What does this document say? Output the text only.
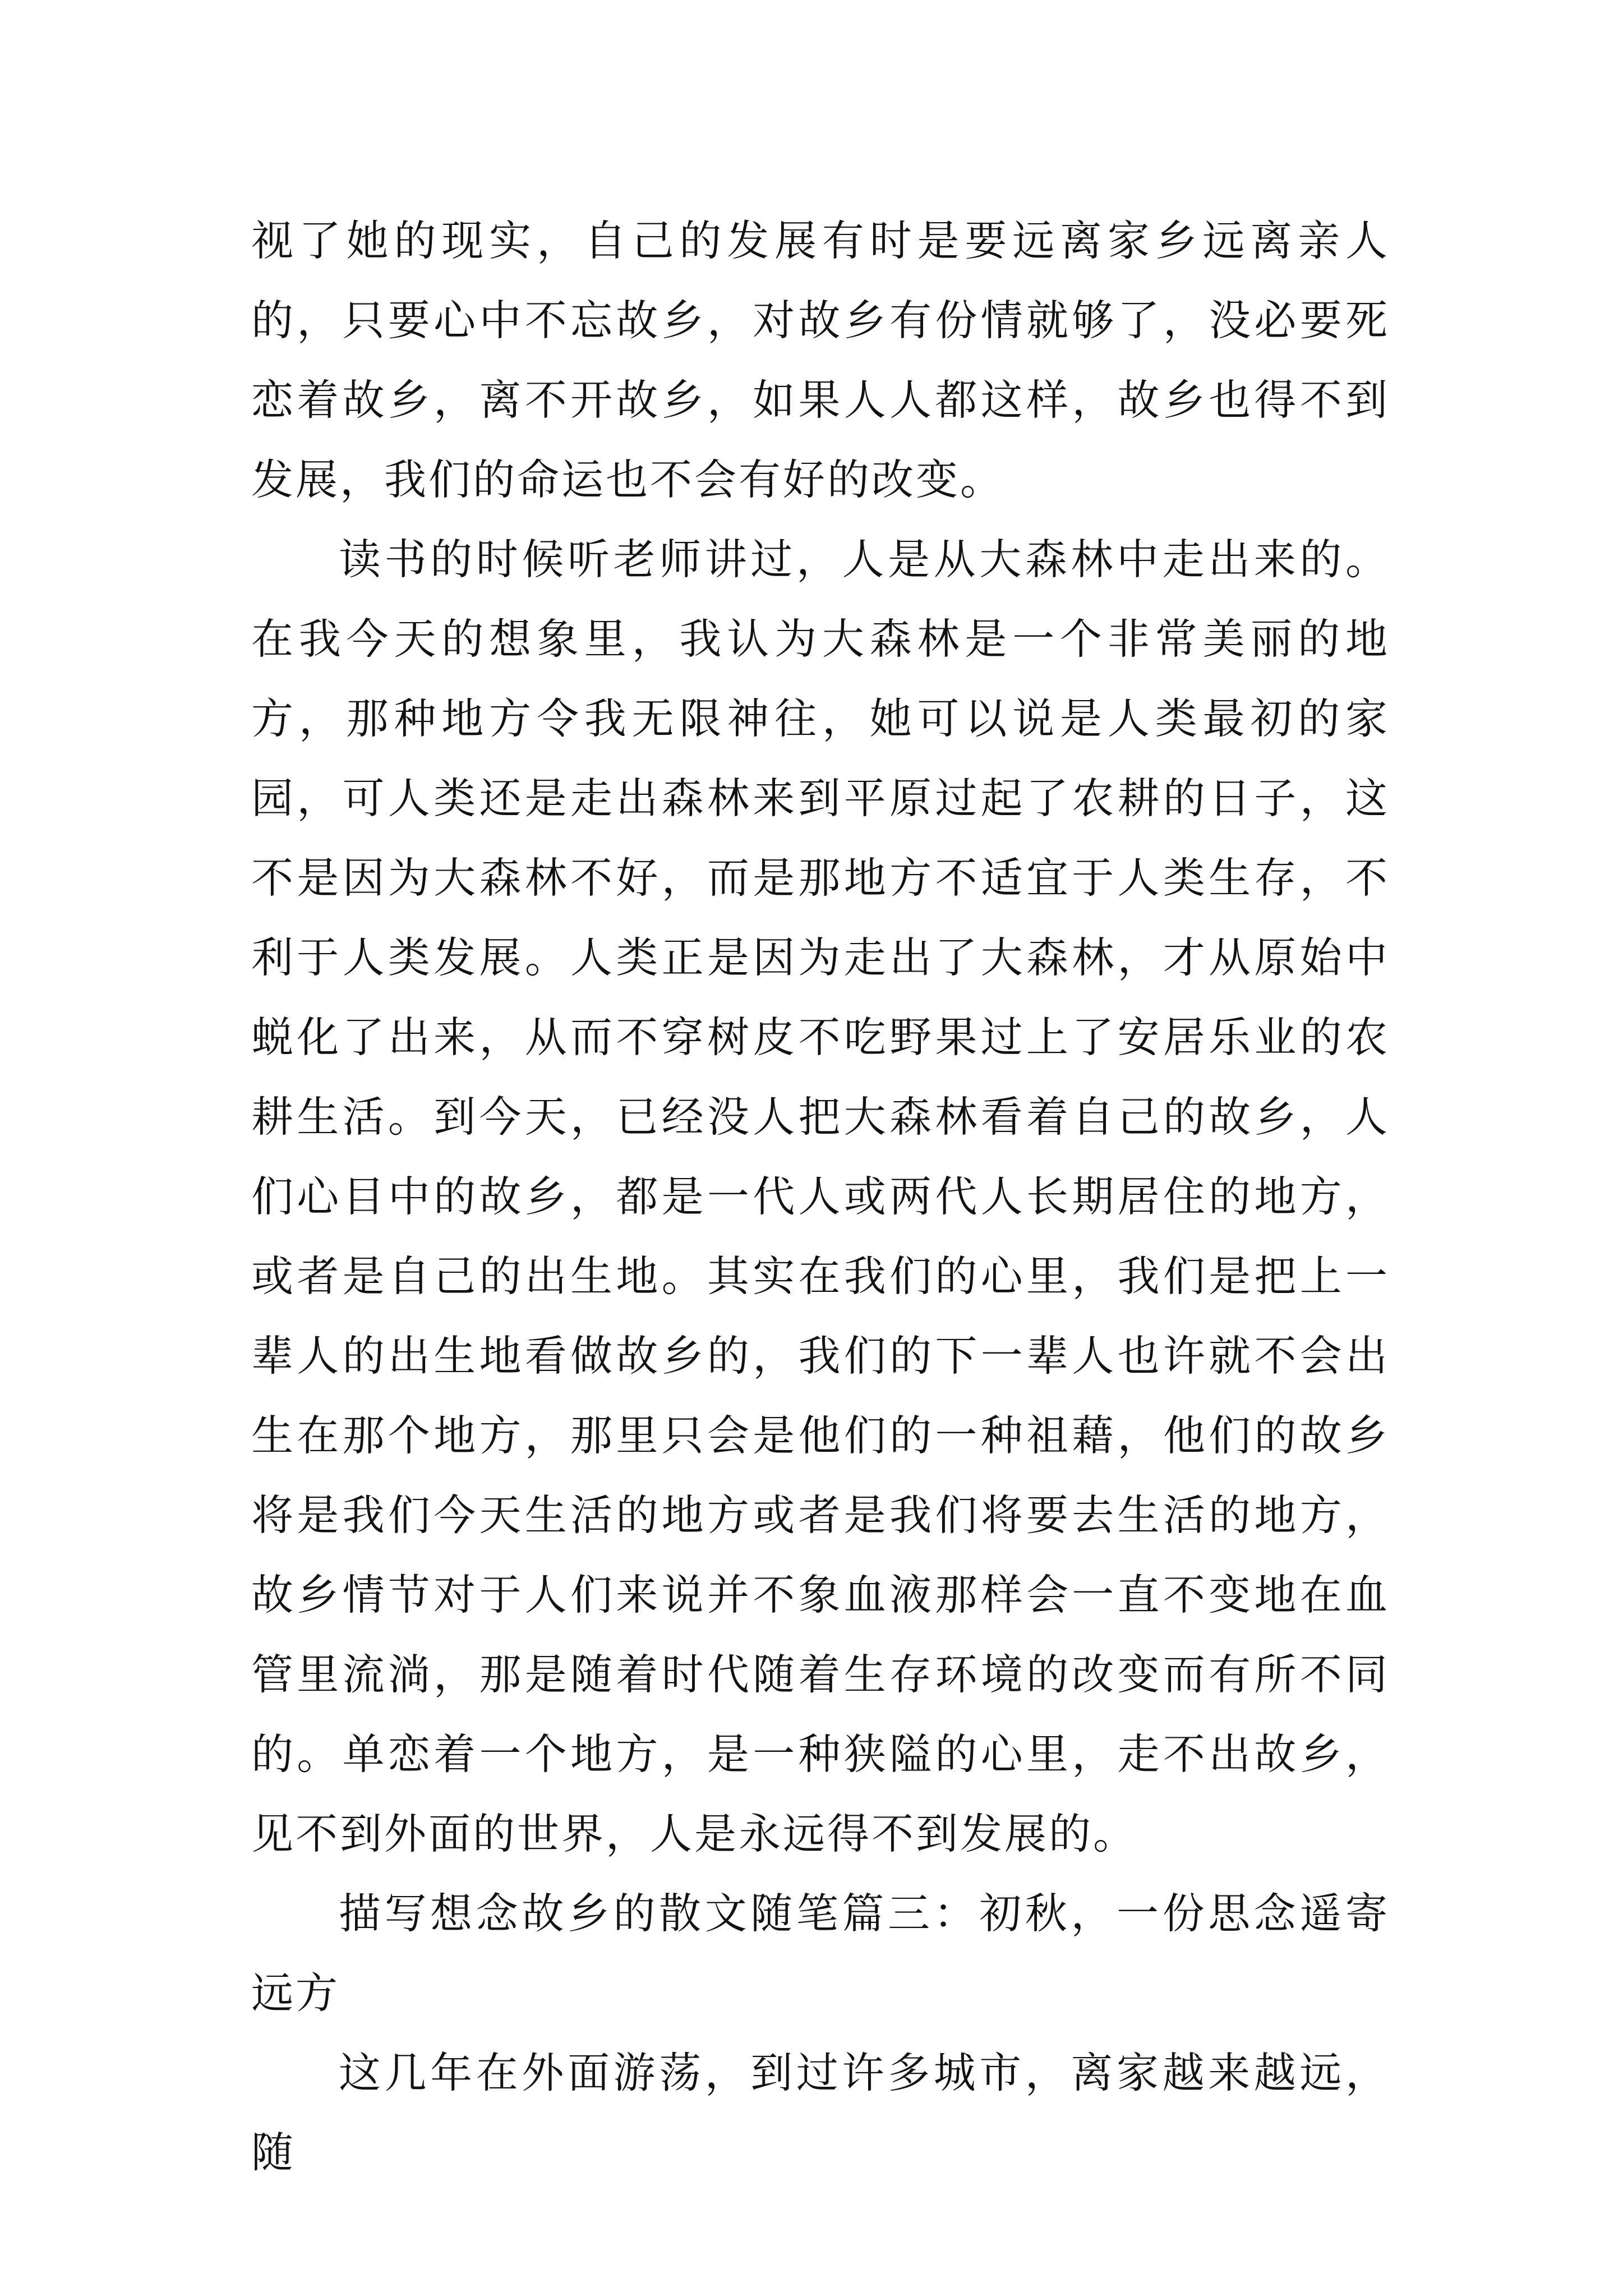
视了她的现实，自己的发展有时是要远离家乡远离亲人的，只要心中不忘故乡，对故乡有份情就够了，没必要死恋着故乡，离不开故乡，如果人人都这样，故乡也得不到发展，我们的命运也不会有好的改变。

读书的时候听老师讲过，人是从大森林中走出来的。在我今天的想象里，我认为大森林是一个非常美丽的地方，那种地方令我无限神往，她可以说是人类最初的家园，可人类还是走出森林来到平原过起了农耕的日子，这不是因为大森林不好，而是那地方不适宜于人类生存，不利于人类发展。人类正是因为走出了大森林，才从原始中蜕化了出来，从而不穿树皮不吃野果过上了安居乐业的农耕生活。到今天，已经没人把大森林看着自己的故乡，人们心目中的故乡，都是一代人或两代人长期居住的地方，或者是自己的出生地。其实在我们的心里，我们是把上一辈人的出生地看做故乡的，我们的下一辈人也许就不会出生在那个地方，那里只会是他们的一种祖藉，他们的故乡将是我们今天生活的地方或者是我们将要去生活的地方，故乡情节对于人们来说并不象血液那样会一直不变地在血管里流淌，那是随着时代随着生存环境的改变而有所不同的。单恋着一个地方，是一种狭隘的心里，走不出故乡，见不到外面的世界，人是永远得不到发展的。

描写想念故乡的散文随笔篇三：初秋，一份思念遥寄远方

这几年在外面游荡，到过许多城市，离家越来越远，随
